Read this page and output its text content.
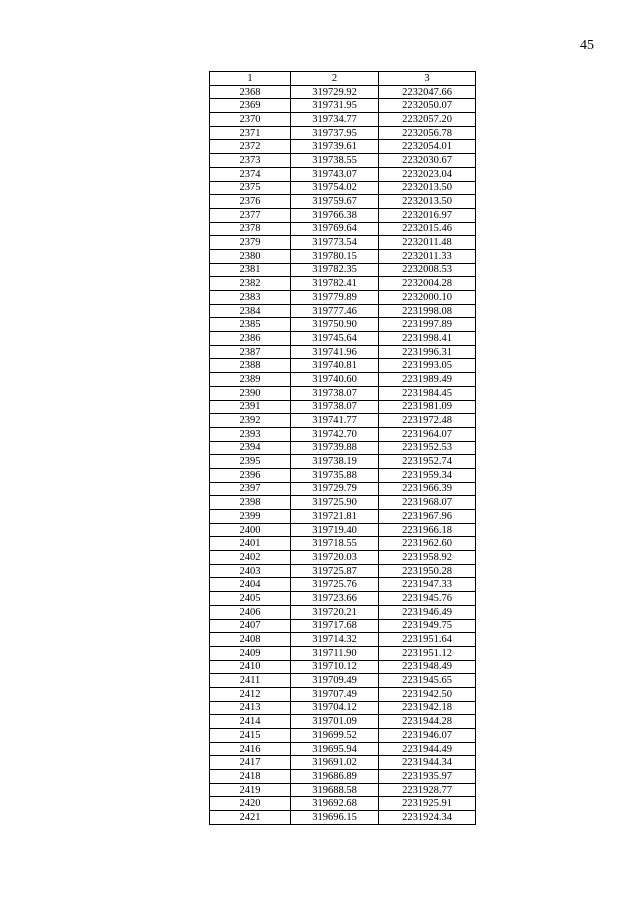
45
1	2	3
2368	319729.92	2232047.66
2369	319731.95	2232050.07
2370	319734.77	2232057.20
2371	319737.95	2232056.78
2372	319739.61	2232054.01
2373	319738.55	2232030.67
2374	319743.07	2232023.04
2375	319754.02	2232013.50
2376	319759.67	2232013.50
2377	319766.38	2232016.97
2378	319769.64	2232015.46
2379	319773.54	2232011.48
2380	319780.15	2232011.33
2381	319782.35	2232008.53
2382	319782.41	2232004.28
2383	319779.89	2232000.10
2384	319777.46	2231998.08
2385	319750.90	2231997.89
2386	319745.64	2231998.41
2387	319741.96	2231996.31
2388	319740.81	2231993.05
2389	319740.60	2231989.49
2390	319738.07	2231984.45
2391	319738.07	2231981.09
2392	319741.77	2231972.48
2393	319742.70	2231964.07
2394	319739.88	2231952.53
2395	319738.19	2231952.74
2396	319735.88	2231959.34
2397	319729.79	2231966.39
2398	319725.90	2231968.07
2399	319721.81	2231967.96
2400	319719.40	2231966.18
2401	319718.55	2231962.60
2402	319720.03	2231958.92
2403	319725.87	2231950.28
2404	319725.76	2231947.33
2405	319723.66	2231945.76
2406	319720.21	2231946.49
2407	319717.68	2231949.75
2408	319714.32	2231951.64
2409	319711.90	2231951.12
2410	319710.12	2231948.49
2411	319709.49	2231945.65
2412	319707.49	2231942.50
2413	319704.12	2231942.18
2414	319701.09	2231944.28
2415	319699.52	2231946.07
2416	319695.94	2231944.49
2417	319691.02	2231944.34
2418	319686.89	2231935.97
2419	319688.58	2231928.77
2420	319692.68	2231925.91
2421	319696.15	2231924.34
